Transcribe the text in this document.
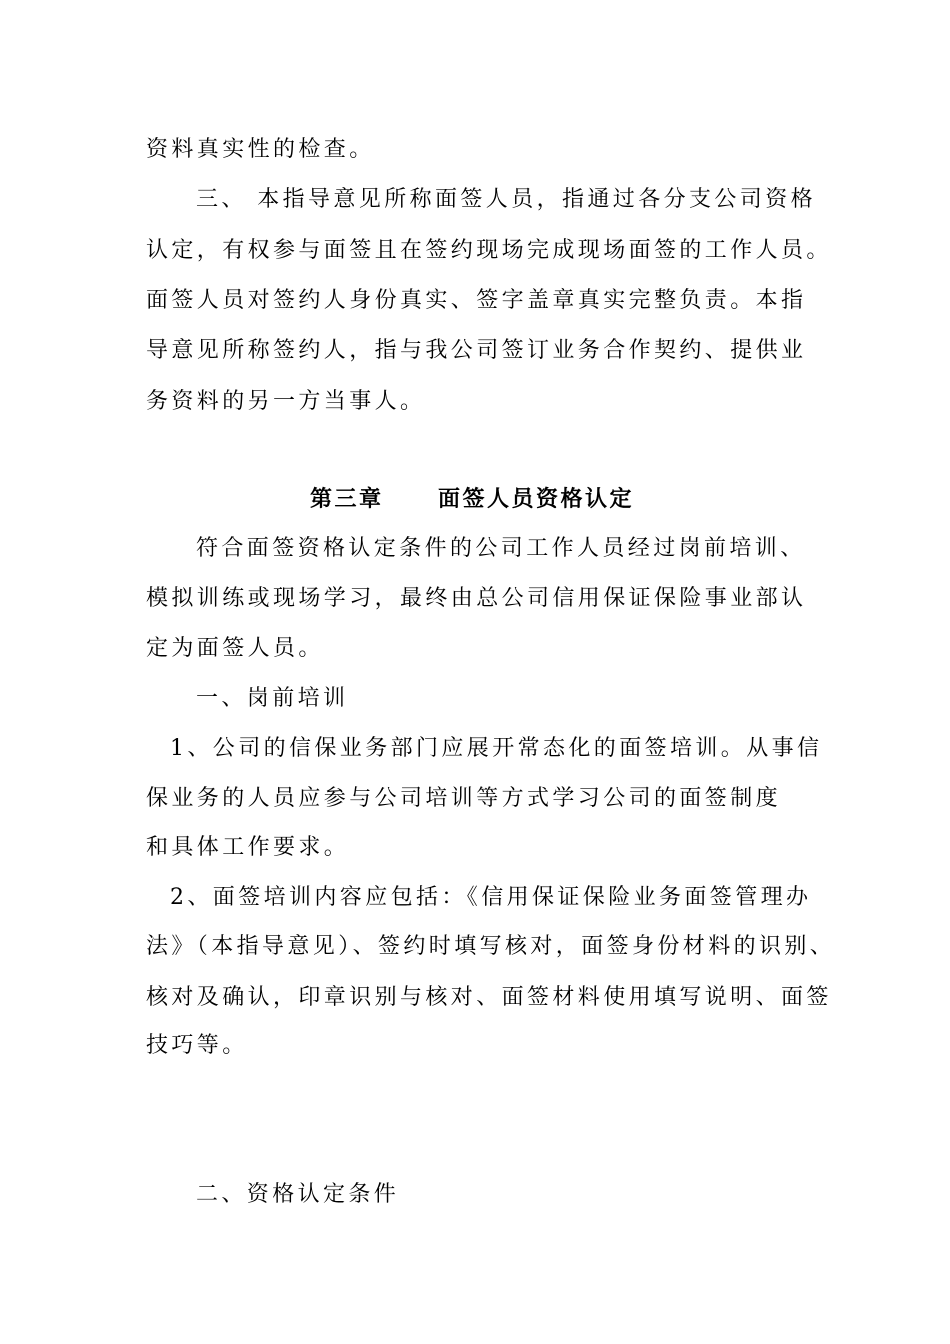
资料真实性的检查。
三、 本指导意见所称面签人员，指通过各分支公司资格
认定，有权参与面签且在签约现场完成现场面签的工作人员。
面签人员对签约人身份真实、签字盖章真实完整负责。本指
导意见所称签约人，指与我公司签订业务合作契约、提供业
务资料的另一方当事人。
第三章 面签人员资格认定
符合面签资格认定条件的公司工作人员经过岗前培训、
模拟训练或现场学习，最终由总公司信用保证保险事业部认
定为面签人员。
一、岗前培训
1、公司的信保业务部门应展开常态化的面签培训。从事信
保业务的人员应参与公司培训等方式学习公司的面签制度
和具体工作要求。
2、面签培训内容应包括：《信用保证保险业务面签管理办
法》（本指导意见）、签约时填写核对，面签身份材料的识别、
核对及确认，印章识别与核对、面签材料使用填写说明、面签
技巧等。
二、资格认定条件
